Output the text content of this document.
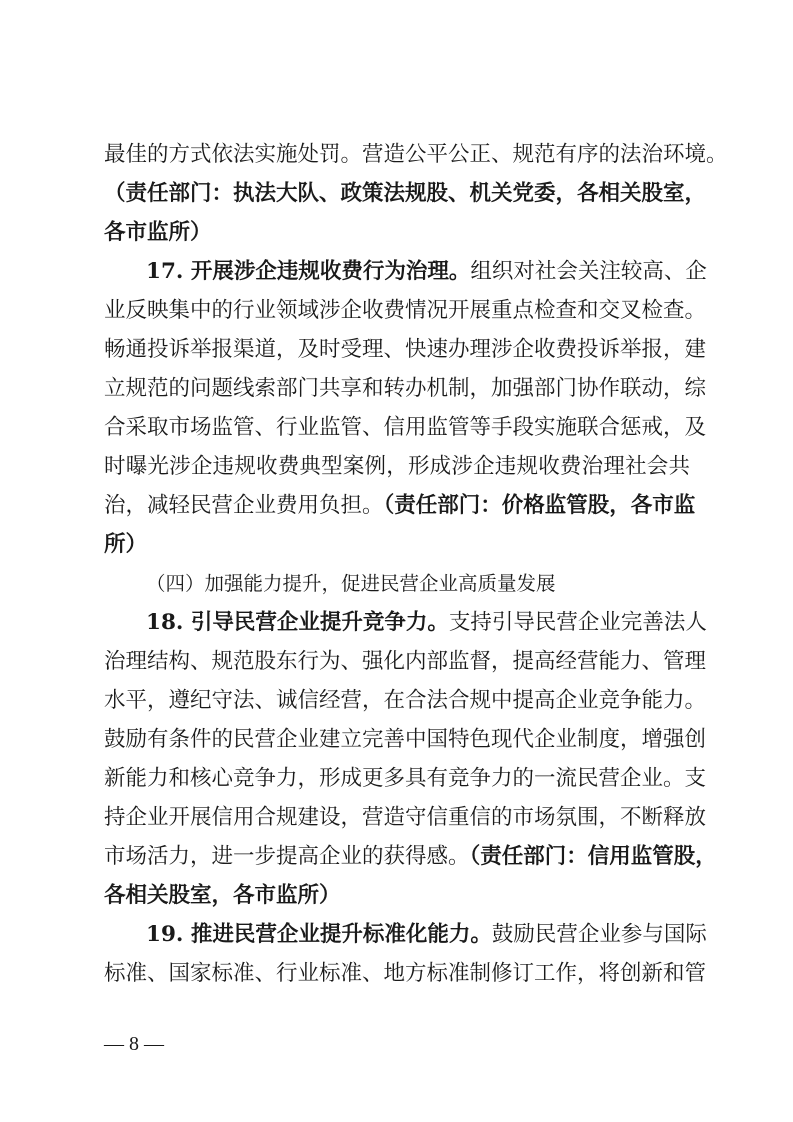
最佳的方式依法实施处罚。营造公平公正、规范有序的法治环境。
（责任部门：执法大队、政策法规股、机关党委，各相关股室，
各市监所）
17. 开展涉企违规收费行为治理。组织对社会关注较高、企
业反映集中的行业领域涉企收费情况开展重点检查和交叉检查。
畅通投诉举报渠道，及时受理、快速办理涉企收费投诉举报，建
立规范的问题线索部门共享和转办机制，加强部门协作联动，综
合采取市场监管、行业监管、信用监管等手段实施联合惩戒，及
时曝光涉企违规收费典型案例，形成涉企违规收费治理社会共
治，减轻民营企业费用负担。（责任部门：价格监管股，各市监
所）
（四）加强能力提升，促进民营企业高质量发展
18. 引导民营企业提升竞争力。支持引导民营企业完善法人
治理结构、规范股东行为、强化内部监督，提高经营能力、管理
水平，遵纪守法、诚信经营，在合法合规中提高企业竞争能力。
鼓励有条件的民营企业建立完善中国特色现代企业制度，增强创
新能力和核心竞争力，形成更多具有竞争力的一流民营企业。支
持企业开展信用合规建设，营造守信重信的市场氛围，不断释放
市场活力，进一步提高企业的获得感。（责任部门：信用监管股，
各相关股室，各市监所）
19. 推进民营企业提升标准化能力。鼓励民营企业参与国际
标准、国家标准、行业标准、地方标准制修订工作，将创新和管
— 8 —
